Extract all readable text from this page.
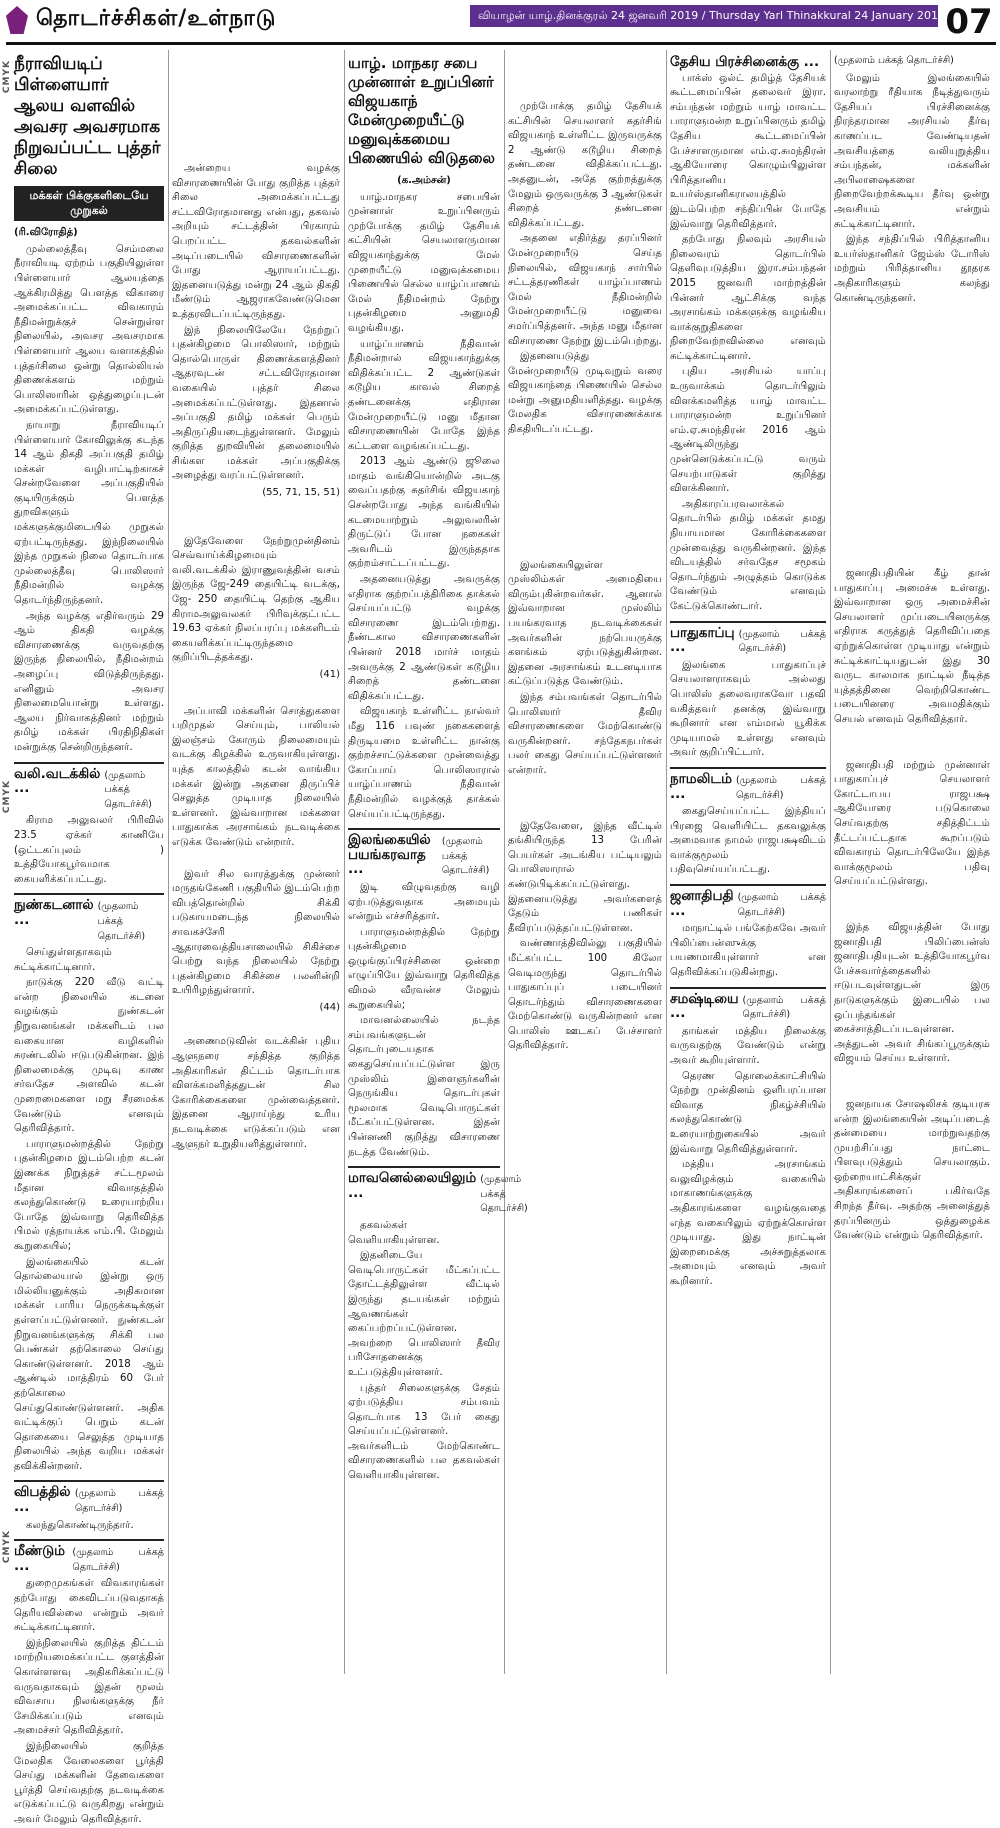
தொடர்ச்சிகள்/உள்நாடு	வியாழன் யாழ்.தினக்குரல் 24 ஜனவரி 2019 / Thursday Yarl Thinakkural 24 January 2019 07
CMYK
CMYK
CMYK
நீராவியடிப் பிள்ளையார் ஆலய வளவில் அவசர அவசரமாக நிறுவப்பட்ட புத்தர் சிலை
மக்கள் பிக்குகளிடையே முறுகல்
(ரி.விரோதித்)

முல்லைத்தீவு செம்மலை நீராவியடி ஏற்றம் பகுதியிலுள்ள பிள்ளையார் ஆலயத்தை ஆக்கிரமித்து பௌத்த விகாரை அமைக்கப்பட்ட விவகாரம் நீதிமன்றுக்குச் சென்றுள்ள நிலையில், அவசர அவசரமாக பிள்ளையார் ஆலய வளாகத்தில் புத்தர்சிலை ஒன்று தொல்லியல் திணைக்களம் மற்றும் பொலிஸாரின் ஒத்துழைப்புடன் அமைக்கப்பட்டுள்ளது.

நாயாறு நீராவியடிப் பிள்ளையார் கோவிலுக்கு கடந்த 14 ஆம் திகதி அப்பகுதி தமிழ் மக்கள் வழிபாட்டிற்காகச் சென்றவேளை அப்பகுதியில் குடியிருக்கும் பௌத்த துறவிகளும் மக்களுக்குமிடையில் முறுகல் ஏற்பட்டிருந்தது. இந்நிலையில் இந்த முறுகல் நிலை தொடர்பாக முல்லைத்தீவு பொலிஸார் நீதிமன்றில் வழக்கு தொடர்ந்திருந்தனர்.

அந்த வழக்கு எதிர்வரும் 29 ஆம் திகதி வழக்கு விசாரணைக்கு வருவதற்கு இருந்த நிலையில், நீதிமன்றம் அழைப்பு விடுத்திருந்தது. எனினும் அவசர நிலைமையொன்று உள்ளது. ஆலய நிர்வாகத்தினர் மற்றும் தமிழ் மக்கள் பிரதிநிதிகள் மன்றுக்கு சென்றிருந்தனர்.

வலி.வடக்கில் ...
(முதலாம் பக்கத் தொடர்ச்சி)

கிராம அலுவலர் பிரிவில் 23.5 ஏக்கர் காணியே (ஒட்டகப்புலம் ) உத்தியோகபூர்வமாக கையளிக்கப்பட்டது.

நுண்கடனால் ...
(முதலாம் பக்கத் தொடர்ச்சி)

செய்துள்ளதாகவும் சுட்டிக்காட்டினார்.

நாடுக்கு 220 வீடு வட்டி என்ற நிலையில் கடனை வழங்கும் நுண்கடன் நிறுவனங்கள் மக்களிடம் பல வகையான வழிகளில் சுரண்டலில் ஈடுபடுகின்றன. இந் நிலைமைக்கு முடிவு காண சர்வதேச அளவில் கடன் முறைமைகளை மறு சீரமைக்க வேண்டும் எனவும் தெரிவித்தார்.

பாராளுமன்றத்தில் நேற்று புதன்கிழமை இடம்பெற்ற கடன் இணக்க நிறுத்தச் சட்டமூலம் மீதான விவாதத்தில் கலந்துகொண்டு உரையாற்றிய போதே இவ்வாறு தெரிவித்த பிமல் ரத்நாயக்க எம்.பி. மேலும் கூறுகையில்;

இலங்கையில் கடன் தொல்லையால் இன்று ஒரு மில்லியனுக்கும் அதிகமான மக்கள் பாரிய நெருக்கடிக்குள் தள்ளப்பட்டுள்ளனர். நுண்கடன் நிறுவனங்களுக்கு சிக்கி பல பெண்கள் தற்கொலை செய்து கொண்டுள்ளனர். 2018 ஆம் ஆண்டில் மாத்திரம் 60 பேர் தற்கொலை செய்துகொண்டுள்ளனர். அதிக வட்டிக்குப் பெறும் கடன் தொகையை செலுத்த முடியாத நிலையில் அந்த வறிய மக்கள் தவிக்கின்றனர்.

விபத்தில் ...
(முதலாம் பக்கத் தொடர்ச்சி)

கலந்துகொண்டிருந்தார்.

மீண்டும் ...
(முதலாம் பக்கத் தொடர்ச்சி)

துறைமுகங்கள் விவகாரங்கள் தற்போது கைவிடப்படுவதாகத் தெரியவில்லை என்றும் அவர் சுட்டிக்காட்டினார்.

இந்நிலையில் குறித்த திட்டம் மாற்றியமைக்கப்பட்ட குளத்தின் கொள்ளளவு அதிகரிக்கப்பட்டு வருவதாகவும் இதன் மூலம் விவசாய நிலங்களுக்கு நீர் சேமிக்கப்படும் எனவும் அமைச்சர் தெரிவித்தார்.

இந்நிலையில் குறித்த மேலதிக வேலைகளை பூர்த்தி செய்து மக்களின் தேவைகளை பூர்த்தி செய்வதற்கு நடவடிக்கை எடுக்கப்பட்டு வருகிறது என்றும் அவர் மேலும் தெரிவித்தார்.

அன்றைய வழக்கு விசாரணையின் போது குறித்த புத்தர் சிலை அமைக்கப்பட்டது சட்டவிரோதமானது என்பது, தகவல் அறியும் சட்டத்தின் பிரகாரம் பெறப்பட்ட தகவல்களின் அடிப்படையில் விசாரணைகளின் போது ஆராயப்பட்டது. இதனையடுத்து மன்று 24 ஆம் திகதி மீண்டும் ஆஜராகவேண்டுமென உத்தரவிடப்பட்டிருந்தது.

இந் நிலையிலேயே நேற்றுப் புதன்கிழமை பொலிஸார், மற்றும் தொல்பொருள் திணைக்களத்தினர் ஆதரவுடன் சட்டவிரோதமான வகையில் புத்தர் சிலை அமைக்கப்பட்டுள்ளது. இதனால் அப்பகுதி தமிழ் மக்கள் பெரும் அதிருப்தியடைந்துள்ளனர். மேலும் குறித்த துறவியின் தலைமையில் சிங்கள மக்கள் அப்பகுதிக்கு அழைத்து வரப்பட்டுள்ளனர்.

(55, 71, 15, 51)

இதேவேளை நேற்றுமுன்தினம் செவ்வாய்க்கிழமையும் வலி.வடக்கில் இராணுவத்தின் வசம் இருந்த ஜே-249 தையிட்டி வடக்கு, ஜே- 250 தையிட்டி தெற்கு ஆகிய கிராமஅலுவலகர் பிரிவுக்குட்பட்ட 19.63 ஏக்கர் நிலப்பரப்பு மக்களிடம் கையளிக்கப்பட்டிருந்தமை குறிப்பிடத்தக்கது.

(41)

அப்பாவி மக்களின் சொத்துகளை பறிமுதல் செய்யும், பாலியல் இலஞ்சம் கோரும் நிலைமையும் வடக்கு கிழக்கில் உருவாகியுள்ளது. யுத்த காலத்தில் கடன் வாங்கிய மக்கள் இன்று அதனை திருப்பிச் செலுத்த முடியாத நிலையில் உள்ளனர். இவ்வாறான மக்களை பாதுகாக்க அரசாங்கம் நடவடிக்கை எடுக்க வேண்டும் என்றார்.

இவர் சில வாரத்துக்கு முன்னர் மருதங்கேணி பகுதியில் இடம்பெற்ற விபத்தொன்றில் சிக்கி படுகாயமடைந்த நிலையில் சாவகச்சேரி ஆதாரவைத்தியசாலையில் சிகிச்சை பெற்று வந்த நிலையில் நேற்று புதன்கிழமை சிகிச்சை பலனின்றி உயிரிழந்துள்ளார்.

(44)

அணைமடுவின் வடக்கின் புதிய ஆளுநரை சந்தித்த குறித்த அதிகாரிகள் திட்டம் தொடர்பாக விளக்கமளித்ததுடன் சில கோரிக்கைகளை முன்வைத்தனர். இதனை ஆராய்ந்து உரிய நடவடிக்கை எடுக்கப்படும் என ஆளுநர் உறுதியளித்துள்ளார்.

யாழ். மாநகர சபை முன்னாள் உறுப்பினர் விஜயகாந் மேன்முறையீட்டு மனுவுக்கமைய பிணையில் விடுதலை
(க.அம்சன்)

யாழ்.மாநகர சபையின் முன்னாள் உறுப்பினரும் முற்போக்கு தமிழ் தேசியக் கட்சியின் செயலாளருமான விஜயகாந்துக்கு மேல் முறையீட்டு மனுவுக்கமைய பிணையில் செல்ல யாழ்ப்பாணம் மேல் நீதிமன்றம் நேற்று புதன்கிழமை அனுமதி வழங்கியது.

யாழ்ப்பாணம் நீதிவான் நீதிமன்றால் விஜயகாந்துக்கு விதிக்கப்பட்ட 2 ஆண்டுகள் கடூழிய காவல் சிறைத் தண்டனைக்கு எதிரான மேன்முறையீட்டு மனு மீதான விசாரணையின் போதே இந்த கட்டளை வழங்கப்பட்டது.

2013 ஆம் ஆண்டு ஜூலை மாதம் வங்கியொன்றில் அடகு வைப்பதற்கு சுதர்சிங் விஜயகாந் சென்றபோது அந்த வங்கியில் கடமையாற்றும் அலுவலரின் திருட்டுப் போன நகைகள் அவரிடம் இருந்ததாக குற்றம்சாட்டப்பட்டது.

அதனையடுத்து அவருக்கு எதிராக குற்றப்பத்திரிகை தாக்கல் செய்யப்பட்டு வழக்கு விசாரணை இடம்பெற்றது. நீண்டகால விசாரணைகளின் பின்னர் 2018 மார்ச் மாதம் அவருக்கு 2 ஆண்டுகள் கடூழிய சிறைத் தண்டனை விதிக்கப்பட்டது.

விஜயகாந் உள்ளிட்ட நால்வர் மீது 116 பவுண் நகைகளைத் திருடியமை உள்ளிட்ட நான்கு குற்றச்சாட்டுக்களை முன்வைத்து கோப்பாய் பொலிஸாரால் யாழ்ப்பாணம் நீதிவான் நீதிமன்றில் வழக்குத் தாக்கல் செய்யப்பட்டிருந்தது.

இலங்கையில் பயங்கரவாத ...
(முதலாம் பக்கத் தொடர்ச்சி)

இடி விழுவதற்கு வழி ஏற்படுத்துவதாக அமையும் என்றும் எச்சரித்தார்.

பாராளுமன்றத்தில் நேற்று புதன்கிழமை ஒழுங்குப்பிரச்சினை ஒன்றை எழுப்பியே இவ்வாறு தெரிவித்த விமல் வீரவன்ச மேலும் கூறுகையில்;

மாவனல்லையில் நடந்த சம்பவங்களுடன் தொடர்புடையதாக கைதுசெய்யப்பட்டுள்ள இரு முஸ்லிம் இளைஞர்களின் நெருங்கிய தொடர்புகள் மூலமாக வெடிபொருட்கள் மீட்கப்பட்டுள்ளன. இதன் பின்னணி குறித்து விசாரணை நடத்த வேண்டும்.

மாவனெல்லையிலும் ...
(முதலாம் பக்கத் தொடர்ச்சி)

தகவல்கள் வெளியாகியுள்ளன.

இதனிடையே வெடிபொருட்கள் மீட்கப்பட்ட தோட்டத்திலுள்ள வீட்டில் இருந்து தடயங்கள் மற்றும் ஆவணங்கள் கைப்பற்றப்பட்டுள்ளன. அவற்றை பொலிஸார் தீவிர பரிசோதனைக்கு உட்படுத்தியுள்ளனர்.

புத்தர் சிலைகளுக்கு சேதம் ஏற்படுத்திய சம்பவம் தொடர்பாக 13 பேர் கைது செய்யப்பட்டுள்ளனர். அவர்களிடம் மேற்கொண்ட விசாரணைகளில் பல தகவல்கள் வெளியாகியுள்ளன.

முற்போக்கு தமிழ் தேசியக் கட்சியின் செயலாளர் சுதர்சிங் விஜயகாந் உள்ளிட்ட இருவருக்கு 2 ஆண்டு கடூழிய சிறைத் தண்டனை விதிக்கப்பட்டது. அதனுடன், அதே குற்றத்துக்கு மேலும் ஒருவருக்கு 3 ஆண்டுகள் சிறைத் தண்டனை விதிக்கப்பட்டது.

அதனை எதிர்த்து தரப்பினர் மேன்முறையீடு செய்த நிலையில், விஜயகாந் சார்பில் சட்டத்தரணிகள் யாழ்ப்பாணம் மேல் நீதிமன்றில் மேன்முறையீட்டு மனுவை சமர்ப்பித்தனர். அந்த மனு மீதான விசாரணை நேற்று இடம்பெற்றது.

இதனையடுத்து மேன்முறையீடு முடிவுறும் வரை விஜயகாந்தை பிணையில் செல்ல மன்று அனுமதியளித்தது. வழக்கு மேலதிக விசாரணைக்காக திகதியிடப்பட்டது.

இலங்கையிலுள்ள முஸ்லிம்கள் அமைதியை விரும்புகின்றவர்கள். ஆனால் இவ்வாறான முஸ்லிம் பயங்கரவாத நடவடிக்கைகள் அவர்களின் நற்பெயருக்கு களங்கம் ஏற்படுத்துகின்றன. இதனை அரசாங்கம் உடனடியாக கட்டுப்படுத்த வேண்டும்.

இந்த சம்பவங்கள் தொடர்பில் பொலிஸார் தீவிர விசாரணைகளை மேற்கொண்டு வருகின்றனர். சந்தேகநபர்கள் பலர் கைது செய்யப்பட்டுள்ளனர் என்றார்.

இதேவேளை, இந்த வீட்டில் தங்கியிருந்த 13 பேரின் பெயர்கள் அடங்கிய பட்டியலும் பொலிஸாரால் கண்டுபிடிக்கப்பட்டுள்ளது. இதனையடுத்து அவர்களைத் தேடும் பணிகள் தீவிரப்படுத்தப்பட்டுள்ளன.

வண்ணாத்திவில்லு பகுதியில் மீட்கப்பட்ட 100 கிலோ வெடிமருந்து தொடர்பில் பாதுகாப்புப் படையினர் தொடர்ந்தும் விசாரணைகளை மேற்கொண்டு வருகின்றனர் என பொலிஸ் ஊடகப் பேச்சாளர் தெரிவித்தார்.

தேசிய பிரச்சினைக்கு ...

பாக்ஸ் ஒல்ட் தமிழ்த் தேசியக் கூட்டமைப்பின் தலைவர் இரா. சம்பந்தன் மற்றும் யாழ் மாவட்ட பாராளுமன்ற உறுப்பினரும் தமிழ் தேசிய கூட்டமைப்பின் பேச்சாளருமான எம்.ஏ.சுமந்திரன் ஆகியோரை கொழும்பிலுள்ள பிரித்தானிய உயர்ஸ்தானிகராலயத்தில் இடம்பெற்ற சந்திப்பின் போதே இவ்வாறு தெரிவித்தார்.

தற்போது நிலவும் அரசியல் நிலைவரம் தொடர்பில் தெளிவுபடுத்திய இரா.சம்பந்தன் 2015 ஜனவரி மாற்றத்தின் பின்னர் ஆட்சிக்கு வந்த அரசாங்கம் மக்களுக்கு வழங்கிய வாக்குறுதிகளை நிறைவேற்றவில்லை எனவும் சுட்டிக்காட்டினார்.

புதிய அரசியல் யாப்பு உருவாக்கம் தொடர்பிலும் விளக்கமளித்த யாழ் மாவட்ட பாராளுமன்ற உறுப்பினர் எம்.ஏ.சுமந்திரன் 2016 ஆம் ஆண்டிலிருந்து முன்னெடுக்கப்பட்டு வரும் செயற்பாடுகள் குறித்து விளக்கினார்.

அதிகாரப்பரவலாக்கல் தொடர்பில் தமிழ் மக்கள் தமது நியாயமான கோரிக்கைகளை முன்வைத்து வருகின்றனர். இந்த விடயத்தில் சர்வதேச சமூகம் தொடர்ந்தும் அழுத்தம் கொடுக்க வேண்டும் எனவும் கேட்டுக்கொண்டார்.

பாதுகாப்பு ...
(முதலாம் பக்கத் தொடர்ச்சி)

இலங்கை பாதுகாப்புச் செயலாளராகவும் அல்லது பொலிஸ் தலைவராகவோ பதவி வகித்தவர் தனக்கு இவ்வாறு கூறினார் என எம்மால் யூகிக்க முடியாமல் உள்ளது எனவும் அவர் குறிப்பிட்டார்.

நாமலிடம் ...
(முதலாம் பக்கத் தொடர்ச்சி)

கைதுசெய்யப்பட்ட இந்தியப் பிரஜை வெளியிட்ட தகவலுக்கு அமைவாக நாமல் ராஜபக்ஷவிடம் வாக்குமூலம் பதிவுசெய்யப்பட்டது.

ஜனாதிபதி ...
(முதலாம் பக்கத் தொடர்ச்சி)

மாநாட்டில் பங்கேற்கவே அவர் பிலிப்பைன்ஸுக்கு பயணமாகியுள்ளார் என தெரிவிக்கப்படுகின்றது.

சமஷ்டியை ...
(முதலாம் பக்கத் தொடர்ச்சி)

தாங்கள் மத்திய நிலைக்கு வருவதற்கு வேண்டும் என்று அவர் கூறியுள்ளார்.

தெரண தொலைக்காட்சியில் நேற்று முன்தினம் ஒளிபரப்பான விவாத நிகழ்ச்சியில் கலந்துகொண்டு உரையாற்றுகையில் அவர் இவ்வாறு தெரிவித்துள்ளார்.

மத்திய அரசாங்கம் வலுவிழக்கும் வகையில் மாகாணங்களுக்கு அதிகாரங்களை வழங்குவதை எந்த வகையிலும் ஏற்றுக்கொள்ள முடியாது. இது நாட்டின் இறைமைக்கு அச்சுறுத்தலாக அமையும் எனவும் அவர் கூறினார்.

(முதலாம் பக்கத் தொடர்ச்சி)

மேலும் இலங்கையில் வரலாற்று ரீதியாக நீடித்துவரும் தேசியப் பிரச்சினைக்கு நிரந்தரமான அரசியல் தீர்வு காணப்பட வேண்டியதன் அவசியத்தை வலியுறுத்திய சம்பந்தன், மக்களின் அபிலாஷைகளை நிறைவேற்றக்கூடிய தீர்வு ஒன்று அவசியம் என்றும் சுட்டிக்காட்டினார்.

இந்த சந்திப்பில் பிரித்தானிய உயர்ஸ்தானிகர் ஜேம்ஸ் டோரிஸ் மற்றும் பிரித்தானிய தூதரக அதிகாரிகளும் கலந்து கொண்டிருந்தனர்.

ஜனாதிபதியின் கீழ் தான் பாதுகாப்பு அமைச்சு உள்ளது. இவ்வாறான ஒரு அமைச்சின் செயலாளர் முப்படையினருக்கு எதிராக கருத்துத் தெரிவிப்பதை ஏற்றுக்கொள்ள முடியாது என்றும் சுட்டிக்காட்டியதுடன் இது 30 வருட காலமாக நாட்டில் நீடித்த யுத்தத்தினை வெற்றிகொண்ட படையினரை அவமதிக்கும் செயல் எனவும் தெரிவித்தார்.

ஜனாதிபதி மற்றும் முன்னாள் பாதுகாப்புச் செயலாளர் கோட்டாபய ராஜபக்ஷ ஆகியோரை படுகொலை செய்வதற்கு சதித்திட்டம் தீட்டப்பட்டதாக கூறப்படும் விவகாரம் தொடர்பிலேயே இந்த வாக்குமூலம் பதிவு செய்யப்பட்டுள்ளது.

இந்த விஜயத்தின் போது ஜனாதிபதி பிலிப்பைன்ஸ் ஜனாதிபதியுடன் உத்தியோகபூர்வ பேச்சுவார்த்தைகளில் ஈடுபடவுள்ளதுடன் இரு நாடுகளுக்கும் இடையில் பல ஒப்பந்தங்கள் கைச்சாத்திடப்படவுள்ளன. அத்துடன் அவர் சிங்கப்பூருக்கும் விஜயம் செய்ய உள்ளார்.

ஜனநாயக சோஷலிசக் குடியரசு என்ற இலங்கையின் அடிப்படைத் தன்மையை மாற்றுவதற்கு முயற்சிப்பது நாட்டை பிளவுபடுத்தும் செயலாகும். ஒற்றையாட்சிக்குள் அதிகாரங்களைப் பகிர்வதே சிறந்த தீர்வு. அதற்கு அனைத்துத் தரப்பினரும் ஒத்துழைக்க வேண்டும் என்றும் தெரிவித்தார்.
